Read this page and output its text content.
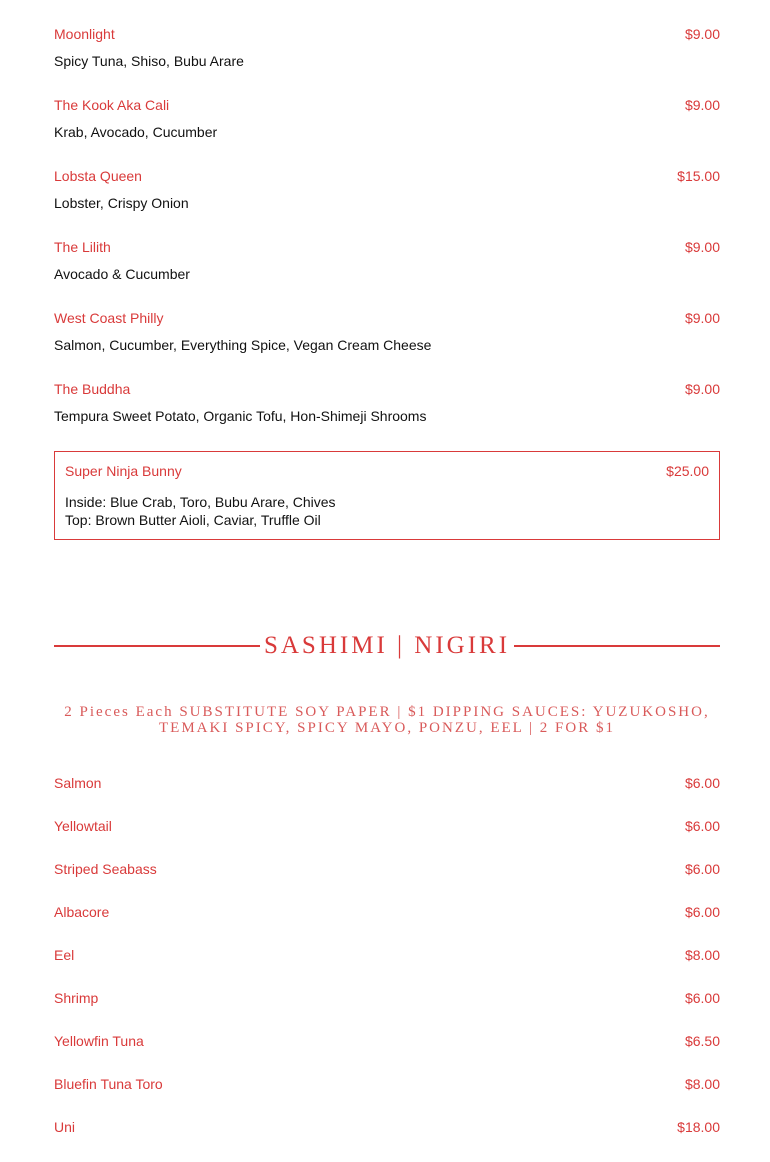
Moonlight	$9.00
Spicy Tuna, Shiso, Bubu Arare
The Kook Aka Cali	$9.00
Krab, Avocado, Cucumber
Lobsta Queen	$15.00
Lobster, Crispy Onion
The Lilith	$9.00
Avocado & Cucumber
West Coast Philly	$9.00
Salmon, Cucumber, Everything Spice, Vegan Cream Cheese
The Buddha	$9.00
Tempura Sweet Potato, Organic Tofu, Hon-Shimeji Shrooms
Super Ninja Bunny	$25.00
Inside: Blue Crab, Toro, Bubu Arare, Chives
Top: Brown Butter Aioli, Caviar, Truffle Oil
SASHIMI | NIGIRI
2 Pieces Each SUBSTITUTE SOY PAPER | $1 DIPPING SAUCES: YUZUKOSHO, TEMAKI SPICY, SPICY MAYO, PONZU, EEL | 2 FOR $1
Salmon	$6.00
Yellowtail	$6.00
Striped Seabass	$6.00
Albacore	$6.00
Eel	$8.00
Shrimp	$6.00
Yellowfin Tuna	$6.50
Bluefin Tuna Toro	$8.00
Uni	$18.00
